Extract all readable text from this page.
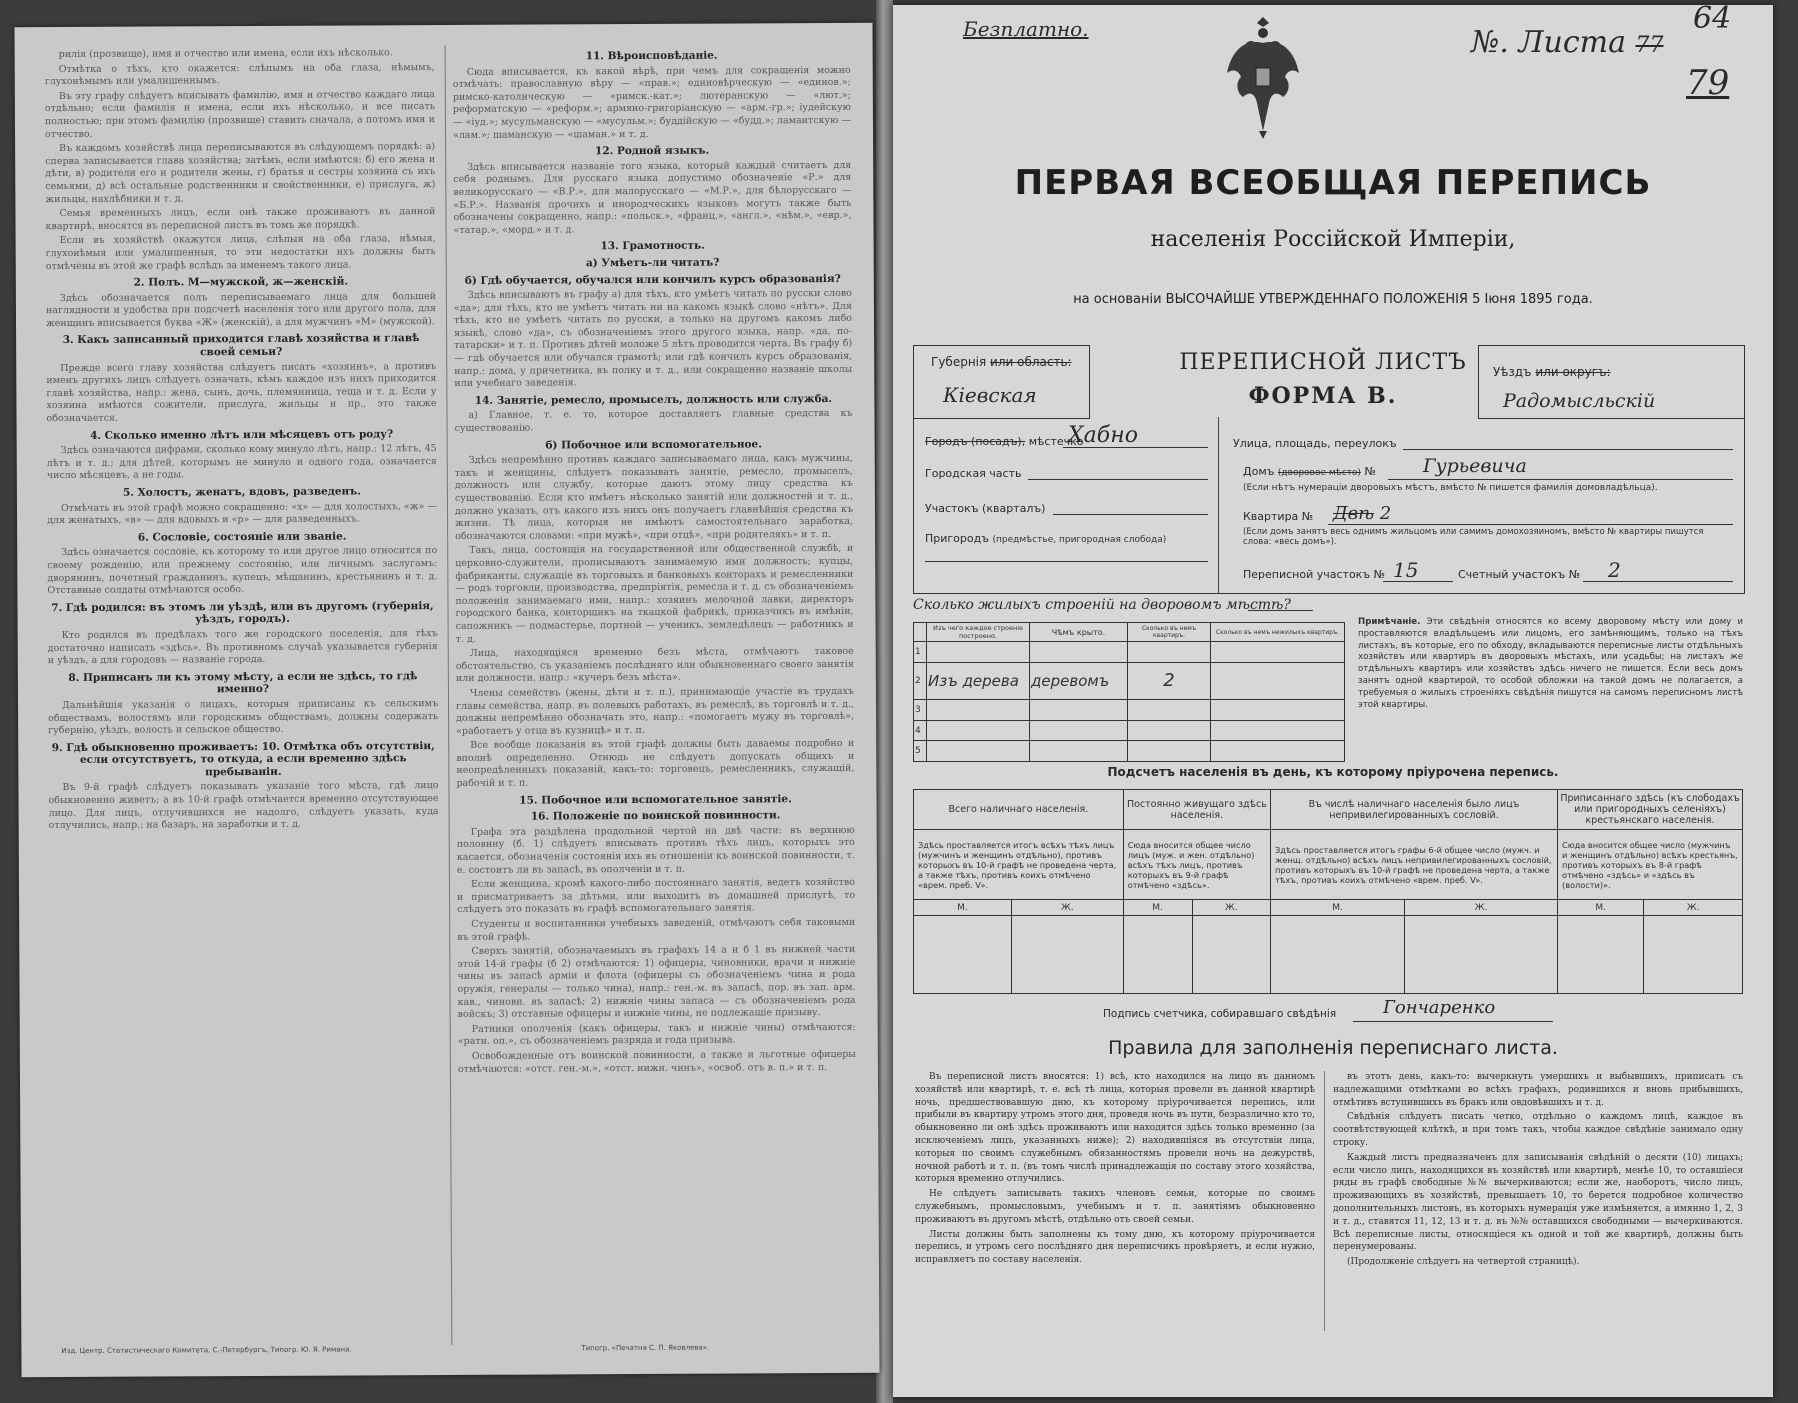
рилія (прозвище), имя и отчество или имена, если ихъ нѣсколько.

Отмѣтка о тѣхъ, кто окажется: слѣпымъ на оба глаза, нѣмымъ, глухонѣмымъ или умалишеннымъ.

Въ эту графу слѣдуетъ вписывать фамилію, имя и отчество каждаго лица отдѣльно; если фамилія и имена, если ихъ нѣсколько, и все писать полностью; при этомъ фамилію (прозвище) ставить сначала, а потомъ имя и отчество.

Въ каждомъ хозяйствѣ лица переписываются въ слѣдующемъ порядкѣ: а) сперва записывается глава хозяйства; затѣмъ, если имѣются: б) его жена и дѣти, в) родители его и родители жены, г) братья и сестры хозяина съ ихъ семьями, д) всѣ остальные родственники и свойственники, е) прислуга, ж) жильцы, нахлѣбники и т. д.

Семья временныхъ лицъ, если онѣ также проживаютъ въ данной квартирѣ, вносятся въ переписной листъ въ томъ же порядкѣ.

Если въ хозяйствѣ окажутся лица, слѣпыя на оба глаза, нѣмыя, глухонѣмыя или умалишенныя, то эти недостатки ихъ должны быть отмѣчены въ этой же графѣ вслѣдъ за именемъ такого лица.

2. Полъ. М—мужской, ж—женскій.

Здѣсь обозначается полъ переписываемаго лица для большей наглядности и удобства при подсчетѣ населенія того или другого пола, для женщинъ вписывается буква «Ж» (женскій), а для мужчинъ «М» (мужской).

3. Какъ записанный приходится главѣ хозяйства и главѣ своей семьи?

Прежде всего главу хозяйства слѣдуетъ писать «хозяинъ», а противъ именъ другихъ лицъ слѣдуетъ означать, кѣмъ каждое изъ нихъ приходится главѣ хозяйства, напр.: жена, сынъ, дочь, племянница, теща и т. д. Если у хозяина имѣются сожители, прислуга, жильцы и пр., это также обозначается.

4. Сколько именно лѣтъ или мѣсяцевъ отъ роду?

Здѣсь означаются цифрами, сколько кому минуло лѣтъ, напр.: 12 лѣтъ, 45 лѣтъ и т. д.; для дѣтей, которымъ не минуло и одного года, означается число мѣсяцевъ, а не годы.

5. Холостъ, женатъ, вдовъ, разведенъ.

Отмѣчать въ этой графѣ можно сокращенно: «х» — для холостыхъ, «ж» — для женатыхъ, «в» — для вдовыхъ и «р» — для разведенныхъ.

6. Сословіе, состояніе или званіе.

Здѣсь означается сословіе, къ которому то или другое лицо относится по своему рожденію, или прежнему состоянію, или личнымъ заслугамъ: дворянинъ, почетный гражданинъ, купецъ, мѣщанинъ, крестьянинъ и т. д. Отставные солдаты отмѣчаются особо.

7. Гдѣ родился: въ этомъ ли уѣздѣ, или въ другомъ (губернія, уѣздъ, городъ).

Кто родился въ предѣлахъ того же городского поселенія, для тѣхъ достаточно написать «здѣсь». Въ противномъ случаѣ указывается губернія и уѣздъ, а для городовъ — названіе города.

8. Приписанъ ли къ этому мѣсту, а если не здѣсь, то гдѣ именно?

Дальнѣйшія указанія о лицахъ, которыя приписаны къ сельскимъ обществамъ, волостямъ или городскимъ обществамъ, должны содержать губернію, уѣздъ, волость и сельское общество.

9. Гдѣ обыкновенно проживаетъ: 10. Отмѣтка объ отсутствіи, если отсутствуетъ, то откуда, а если временно здѣсь пребываніи.

Въ 9-й графѣ слѣдуетъ показывать указаніе того мѣста, гдѣ лицо обыкновенно живетъ; а въ 10-й графѣ отмѣчается временно отсутствующее лицо. Для лицъ, отлучившихся не надолго, слѣдуетъ указать, куда отлучились, напр.: на базаръ, на заработки и т. д.

11. Вѣроисповѣданіе.

Сюда вписывается, къ какой вѣрѣ, при чемъ для сокращенія можно отмѣчать: православную вѣру — «прав.»; единовѣрческую — «единов.»; римско-католическую — «римск.-кат.»; лютеранскую — «лют.»; реформатскую — «реформ.»; армяно-григоріанскую — «арм.-гр.»; іудейскую — «іуд.»; мусульманскую — «мусульм.»; буддійскую — «будд.»; ламаитскую — «лам.»; шаманскую — «шаман.» и т. д.

12. Родной языкъ.

Здѣсь вписывается названіе того языка, который каждый считаетъ для себя роднымъ. Для русскаго языка допустимо обозначеніе «Р.» для великорусскаго — «В.Р.», для малорусскаго — «М.Р.», для бѣлорусскаго — «Б.Р.». Названія прочихъ и инородческихъ языковъ могутъ также быть обозначены сокращенно, напр.: «польск.», «франц.», «англ.», «нѣм.», «евр.», «татар.», «морд.» и т. д.

13. Грамотность.
а) Умѣетъ-ли читать?
б) Гдѣ обучается, обучался или кончилъ курсъ образованія?

Здѣсь вписываютъ въ графу а) для тѣхъ, кто умѣетъ читать по русски слово «да»; для тѣхъ, кто не умѣетъ читать ни на какомъ языкѣ слово «нѣтъ». Для тѣхъ, кто не умѣетъ читать по русски, а только на другомъ какомъ либо языкѣ, слово «да», съ обозначеніемъ этого другого языка, напр. «да, по-татарски» и т. п. Противъ дѣтей моложе 5 лѣтъ проводится черта. Въ графу б) — гдѣ обучается или обучался грамотѣ; или гдѣ кончилъ курсъ образованія, напр.: дома, у причетника, въ полку и т. д., или сокращенно названіе школы или учебнаго заведенія.

14. Занятіе, ремесло, промыселъ, должность или служба.

а) Главное, т. е. то, которое доставляетъ главные средства къ существованію.

б) Побочное или вспомогательное.

Здѣсь непремѣнно противъ каждаго записываемаго лица, какъ мужчины, такъ и женщины, слѣдуетъ показывать занятіе, ремесло, промыселъ, должность или службу, которые даютъ этому лицу средства къ существованію. Если кто имѣетъ нѣсколько занятій или должностей и т. д., должно указать, отъ какого изъ нихъ онъ получаетъ главнѣйшія средства къ жизни. Тѣ лица, которыя не имѣютъ самостоятельнаго заработка, обозначаются словами: «при мужѣ», «при отцѣ», «при родителяхъ» и т. п.

Такъ, лица, состоящія на государственной или общественной службѣ, и церковно-служители, прописываютъ занимаемую ими должность; купцы, фабриканты, служащіе въ торговыхъ и банковыхъ конторахъ и ремесленники — родъ торговли, производства, предпріятія, ремесла и т. д. съ обозначеніемъ положенія занимаемаго ими, напр.: хозяинъ мелочной лавки, директоръ городского банка, конторщикъ на ткацкой фабрикѣ, приказчикъ въ имѣніи, сапожникъ — подмастерье, портной — ученикъ, земледѣлецъ — работникъ и т. д.

Лица, находящіяся временно безъ мѣста, отмѣчаютъ таковое обстоятельство, съ указаніемъ послѣдняго или обыкновеннаго своего занятія или должности, напр.: «кучеръ безъ мѣста».

Члены семействъ (жены, дѣти и т. п.), принимающіе участіе въ трудахъ главы семейства, напр. въ полевыхъ работахъ, въ ремеслѣ, въ торговлѣ и т. д., должны непремѣнно обозначать это, напр.: «помогаетъ мужу въ торговлѣ», «работаетъ у отца въ кузницѣ» и т. п.

Все вообще показанія въ этой графѣ должны быть даваемы подробно и вполнѣ определенно. Отнюдь не слѣдуетъ допускать общихъ и неопредѣленныхъ показаній, какъ-то: торговецъ, ремесленникъ, служащій, рабочій и т. п.

15. Побочное или вспомогательное занятіе.
16. Положеніе по воинской повинности.

Графа эта раздѣлена продольной чертой на двѣ части: въ верхнюю половину (б. 1) слѣдуетъ вписывать противъ тѣхъ лицъ, которыхъ это касается, обозначенія состоянія ихъ въ отношеніи къ воинской повинности, т. е. состоитъ ли въ запасѣ, въ ополченіи и т. п.

Если женщина, кромѣ какого-либо постояннаго занятія, ведетъ хозяйство и присматриваетъ за дѣтьми, или выходитъ въ домашней прислугѣ, то слѣдуетъ это показать въ графѣ вспомогательнаго занятія.

Студенты и воспитанники учебныхъ заведеній, отмѣчаютъ себя таковыми въ этой графѣ.

Сверхъ занятій, обозначаемыхъ въ графахъ 14 а и б 1 въ нижней части этой 14-й графы (б 2) отмѣчаются: 1) офицеры, чиновники, врачи и нижніе чины въ запасѣ арміи и флота (офицеры съ обозначеніемъ чина и рода оружія, генералы — только чина), напр.: ген.-м. въ запасѣ, пор. въ зап. арм. кав., чиновн. въ запасѣ; 2) нижніе чины запаса — съ обозначеніемъ рода войскъ; 3) отставные офицеры и нижніе чины, не подлежащіе призыву.

Ратники ополченія (какъ офицеры, такъ и нижніе чины) отмѣчаются: «ратн. оп.», съ обозначеніемъ разряда и года призыва.

Освобожденные отъ воинской повинности, а также и льготные офицеры отмѣчаются: «отст. ген.-м.», «отст. нижн. чинъ», «освоб. отъ в. п.» и т. п.

Изд. Центр. Статистическаго Комитета, С.-Петербургъ, Типогр. Ю. Я. Римана.	Типогр. «Печатня С. П. Яковлева».
Безплатно.	№. Листа 77
64
79
ПЕРВАЯ ВСЕОБЩАЯ ПЕРЕПИСЬ
населенія Россійской Имперіи,
на основаніи ВЫСОЧАЙШЕ УТВЕРЖДЕННАГО ПОЛОЖЕНІЯ 5 Іюня 1895 года.
Губернія или область:
Кіевская
ПЕРЕПИСНОЙ ЛИСТЪ
ФОРМА В.
Уѣздъ или округъ:
Радомысльскій
Городъ (посадъ), мѣстечко
Хабно
Городская часть
Участокъ (кварталъ)
Пригородъ (предмѣстье, пригородная слобода)
Улица, площадь, переулокъ
Домъ (дворовое мѣсто) № Гурьевича
(Если нѣтъ нумераціи дворовыхъ мѣстъ, вмѣсто № пишется фамилія домовладѣльца).
Квартира № Двѣ 2
(Если домъ занятъ весь однимъ жильцомъ или самимъ домохозяиномъ, вмѣсто № квартиры пишутся слова: «весь домъ»).
Переписной участокъ № 15	Счетный участокъ № 2
Сколько жилыхъ строеній на дворовомъ мѣстѣ?
	Изъ чего каждое строеніе построено.	Чѣмъ крыто.	Сколько въ немъ квартиръ.	Сколько въ немъ нежилыхъ квартиръ.
1				
2	Изъ дерева	деревомъ	2	
3				
4				
5				
Примѣчаніе. Эти свѣдѣнія относятся ко всему дворовому мѣсту или дому и проставляются владѣльцемъ или лицомъ, его замѣняющимъ, только на тѣхъ листахъ, въ которые, его по обходу, вкладываются переписные листы отдѣльныхъ хозяйствъ или квартиръ въ дворовыхъ мѣстахъ, или усадьбы; на листахъ же отдѣльныхъ квартиръ или хозяйствъ здѣсь ничего не пишется. Если весь домъ занятъ одной квартирой, то особой обложки на такой домъ не полагается, а требуемыя о жилыхъ строеніяхъ свѣдѣнія пишутся на самомъ переписномъ листѣ этой квартиры.
Подсчетъ населенія въ день, къ которому пріурочена перепись.
Всего наличнаго населенія.		Постоянно живущаго здѣсь населенія.		Въ числѣ наличнаго населенія было лицъ непривилегированныхъ сословій.		Приписаннаго здѣсь (къ слободахъ или пригородныхъ селеніяхъ) крестьянскаго населенія.	
Здѣсь проставляется итогъ всѣхъ тѣхъ лицъ (мужчинъ и женщинъ отдѣльно), противъ которыхъ въ 10-й графѣ не проведена черта, а также тѣхъ, противъ коихъ отмѣчено «врем. преб. V».		Сюда вносится общее число лицъ (муж. и жен. отдѣльно) всѣхъ тѣхъ лицъ, противъ которыхъ въ 9-й графѣ отмѣчено «здѣсь».		Здѣсь проставляется итогъ графы 6-й общее число (мужч. и женщ. отдѣльно) всѣхъ лицъ непривилегированныхъ сословій, противъ которыхъ въ 10-й графѣ не проведена черта, а также тѣхъ, противъ коихъ отмѣчено «врем. преб. V».		Сюда вносится общее число (мужчинъ и женщинъ отдѣльно) всѣхъ крестьянъ, противъ которыхъ въ 8-й графѣ отмѣчено «здѣсь» и «здѣсь въ (волости)».	
М.	Ж.	М.	Ж.	М.	Ж.	М.	Ж.

Подпись счетчика, собиравшаго свѣдѣнія	Гончаренко
Правила для заполненія переписнаго листа.

Въ переписной листъ вносятся: 1) всѣ, кто находился на лицо въ данномъ хозяйствѣ или квартирѣ, т. е. всѣ тѣ лица, которыя провели въ данной квартирѣ ночь, предшествовавшую дню, къ которому пріурочивается перепись, или прибыли въ квартиру утромъ этого дня, проведя ночь въ пути, безразлично кто то, обыкновенно ли онѣ здѣсь проживаютъ или находятся здѣсь только временно (за исключеніемъ лицъ, указанныхъ ниже); 2) находившіяся въ отсутствіи лица, которыя по своимъ служебнымъ обязанностямъ провели ночь на дежурствѣ, ночной работѣ и т. п. (въ томъ числѣ принадлежащія по составу этого хозяйства, которыя временно отлучились.

Не слѣдуетъ записывать такихъ членовъ семьи, которые по своимъ служебнымъ, промысловымъ, учебнымъ и т. п. занятіямъ обыкновенно проживаютъ въ другомъ мѣстѣ, отдѣльно отъ своей семьи.

Листы должны быть заполнены къ тому дню, къ которому пріурочивается перепись, и утромъ сего послѣдняго дня переписчикъ провѣряетъ, и если нужно, исправляетъ по составу населенія.

въ этотъ день, какъ-то: вычеркнуть умершихъ и выбывшихъ, приписать съ надлежащими отмѣтками во всѣхъ графахъ, родившихся и вновь прибывшихъ, отмѣтивъ вступившихъ въ бракъ или овдовѣвшихъ и т. д.

Свѣдѣнія слѣдуетъ писать четко, отдѣльно о каждомъ лицѣ, каждое въ соотвѣтствующей клѣткѣ, и при томъ такъ, чтобы каждое свѣдѣніе занимало одну строку.

Каждый листъ предназначенъ для записыванія свѣдѣній о десяти (10) лицахъ; если число лицъ, находящихся въ хозяйствѣ или квартирѣ, менѣе 10, то оставшіеся ряды въ графѣ свободные №№ вычеркиваются; если же, наоборотъ, число лицъ, проживающихъ въ хозяйствѣ, превышаетъ 10, то берется подробное количество дополнительныхъ листовъ, въ которыхъ нумерація уже измѣняется, а имянно 1, 2, 3 и т. д., ставятся 11, 12, 13 и т. д. въ №№ оставшихся свободными — вычеркиваются. Всѣ переписные листы, относящіеся къ одной и той же квартирѣ, должны быть перенумерованы.

(Продолженіе слѣдуетъ на четвертой страницѣ).
